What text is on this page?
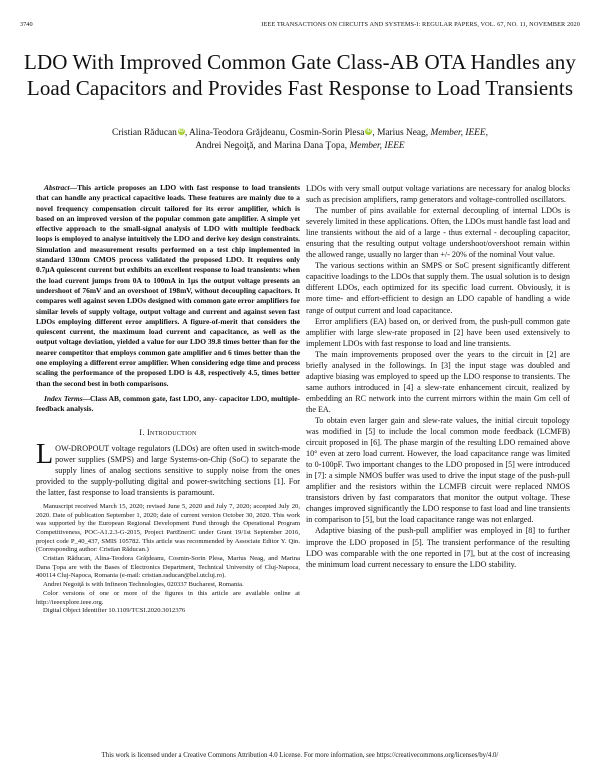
3740	IEEE TRANSACTIONS ON CIRCUITS AND SYSTEMS-I: REGULAR PAPERS, VOL. 67, NO. 11, NOVEMBER 2020
LDO With Improved Common Gate Class-AB OTA Handles any Load Capacitors and Provides Fast Response to Load Transients
Cristian Răducan iD, Alina-Teodora Grăjdeanu, Cosmin-Sorin Plesa iD, Marius Neag, Member, IEEE,
Andrei Negoiţă, and Marina Dana Ţopa, Member, IEEE

Abstract—This article proposes an LDO with fast response to load transients that can handle any practical capacitive loads. These features are mainly due to a novel frequency compensation circuit tailored for its error amplifier, which is based on an improved version of the popular common gate amplifier. A simple yet effective approach to the small-signal analysis of LDO with multiple feedback loops is employed to analyse intuitively the LDO and derive key design constraints. Simulation and measurement results performed on a test chip implemented in standard 130nm CMOS process validated the proposed LDO. It requires only 0.7μA quiescent current but exhibits an excellent response to load transients: when the load current jumps from 0A to 100mA in 1μs the output voltage presents an undershoot of 76mV and an overshoot of 198mV, without decoupling capacitors. It compares well against seven LDOs designed with common gate error amplifiers for similar levels of supply voltage, output voltage and current and against seven fast LDOs employing different error amplifiers. A figure-of-merit that considers the quiescent current, the maximum load current and capacitance, as well as the output voltage deviation, yielded a value for our LDO 39.8 times better than for the nearer competitor that employs common gate amplifier and 6 times better than the one employing a different error amplifier. When considering edge time and process scaling the performance of the proposed LDO is 4.8, respectively 4.5, times better than the second best in both comparisons.

Index Terms—Class AB, common gate, fast LDO, any- capacitor LDO, multiple-feedback analysis.

I. Introduction

LOW-DROPOUT voltage regulators (LDOs) are often used in switch-mode power supplies (SMPS) and large Systems-on-Chip (SoC) to separate the supply lines of analog sections sensitive to supply noise from the ones provided to the supply-polluting digital and power-switching sections [1]. For the latter, fast response to load transients is paramount.

Manuscript received March 15, 2020; revised June 5, 2020 and July 7, 2020; accepted July 20, 2020. Date of publication September 1, 2020; date of current version October 30, 2020. This work was supported by the European Regional Development Fund through the Operational Program Competitiveness, POC-A1.2.3-G-2015, Project PartEneriC under Grant 19/1st September 2016, project code P_40_437, SMIS 105782. This article was recommended by Associate Editor Y. Qin. (Corresponding author: Cristian Răducan.)

Cristian Răducan, Alina-Teodora Grăjdeanu, Cosmin-Sorin Plesa, Marius Neag, and Marina Dana Ţopa are with the Bases of Electronics Department, Technical University of Cluj-Napoca, 400114 Cluj-Napoca, Romania (e-mail: cristian.raducan@bel.utcluj.ro).

Andrei Negoiţă is with Infineon Technologies, 020337 Bucharest, Romania.

Color versions of one or more of the figures in this article are available online at http://ieeexplore.ieee.org.

Digital Object Identifier 10.1109/TCSI.2020.3012376

LDOs with very small output voltage variations are necessary for analog blocks such as precision amplifiers, ramp generators and voltage-controlled oscillators.

The number of pins available for external decoupling of internal LDOs is severely limited in these applications. Often, the LDOs must handle fast load and line transients without the aid of a large - thus external - decoupling capacitor, ensuring that the resulting output voltage undershoot/overshoot remain within the allowed range, usually no larger than +/- 20% of the nominal Vout value.

The various sections within an SMPS or SoC present significantly different capacitive loadings to the LDOs that supply them. The usual solution is to design different LDOs, each optimized for its specific load current. Obviously, it is more time- and effort-efficient to design an LDO capable of handling a wide range of output current and load capacitance.

Error amplifiers (EA) based on, or derived from, the push-pull common gate amplifier with large slew-rate proposed in [2] have been used extensively to implement LDOs with fast response to load and line transients.

The main improvements proposed over the years to the circuit in [2] are briefly analysed in the followings. In [3] the input stage was doubled and adaptive biasing was employed to speed up the LDO response to transients. The same authors introduced in [4] a slew-rate enhancement circuit, realized by embedding an RC network into the current mirrors within the main Gm cell of the EA.

To obtain even larger gain and slew-rate values, the initial circuit topology was modified in [5] to include the local common mode feedback (LCMFB) circuit proposed in [6]. The phase margin of the resulting LDO remained above 10° even at zero load current. However, the load capacitance range was limited to 0-100pF. Two important changes to the LDO proposed in [5] were introduced in [7]: a simple NMOS buffer was used to drive the input stage of the push-pull amplifier and the resistors within the LCMFB circuit were replaced NMOS transistors driven by fast comparators that monitor the output voltage. These changes improved significantly the LDO response to fast load and line transients in comparison to [5], but the load capacitance range was not enlarged.

Adaptive biasing of the push-pull amplifier was employed in [8] to further improve the LDO proposed in [5]. The transient performance of the resulting LDO was comparable with the one reported in [7], but at the cost of increasing the minimum load current necessary to ensure the LDO stability.

This work is licensed under a Creative Commons Attribution 4.0 License. For more information, see https://creativecommons.org/licenses/by/4.0/
